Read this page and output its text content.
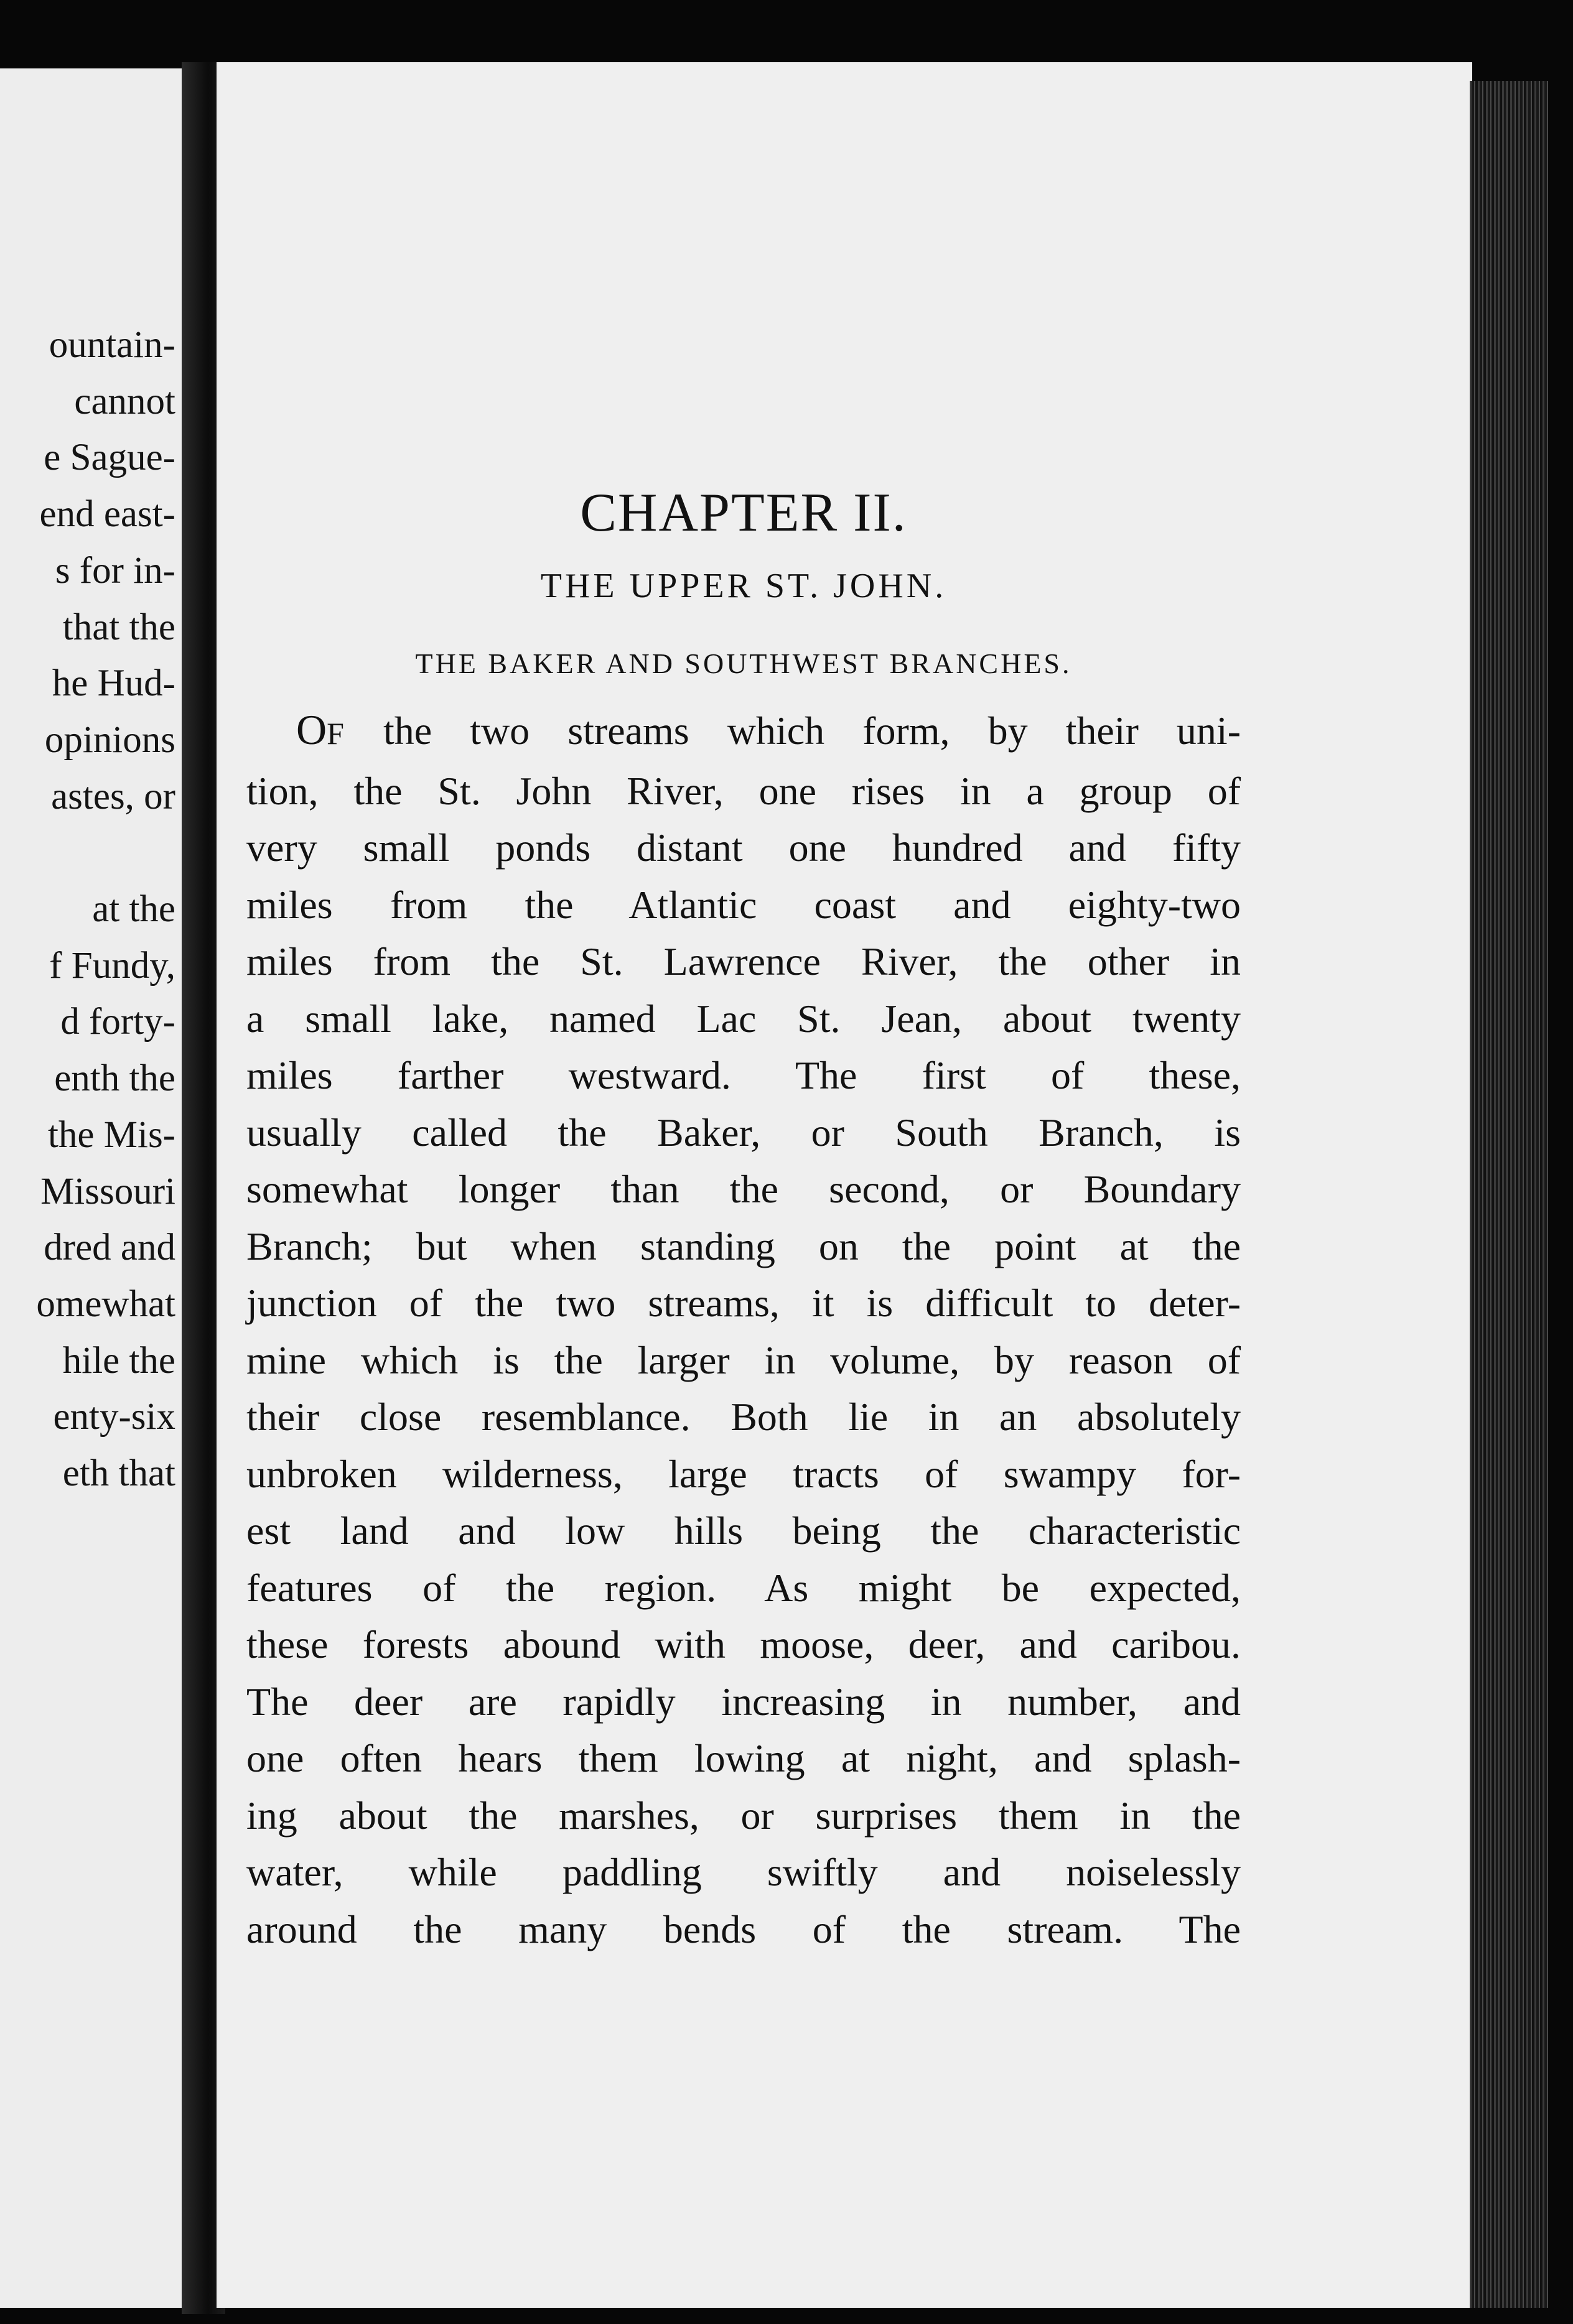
ountain-
cannot
e Sague-
end east-
s for in-
that the
he Hud-
opinions
astes, or
at the
f Fundy,
d forty-
enth the
the Mis-
Missouri
dred and
omewhat
hile the
enty-six
eth that
CHAPTER II.
THE UPPER ST. JOHN.
THE BAKER AND SOUTHWEST BRANCHES.
OF the two streams which form, by their uni-
tion, the St. John River, one rises in a group of
very small ponds distant one hundred and fifty
miles from the Atlantic coast and eighty-two
miles from the St. Lawrence River, the other in
a small lake, named Lac St. Jean, about twenty
miles farther westward. The first of these,
usually called the Baker, or South Branch, is
somewhat longer than the second, or Boundary
Branch; but when standing on the point at the
junction of the two streams, it is difficult to deter-
mine which is the larger in volume, by reason of
their close resemblance. Both lie in an absolutely
unbroken wilderness, large tracts of swampy for-
est land and low hills being the characteristic
features of the region. As might be expected,
these forests abound with moose, deer, and caribou.
The deer are rapidly increasing in number, and
one often hears them lowing at night, and splash-
ing about the marshes, or surprises them in the
water, while paddling swiftly and noiselessly
around the many bends of the stream. The
